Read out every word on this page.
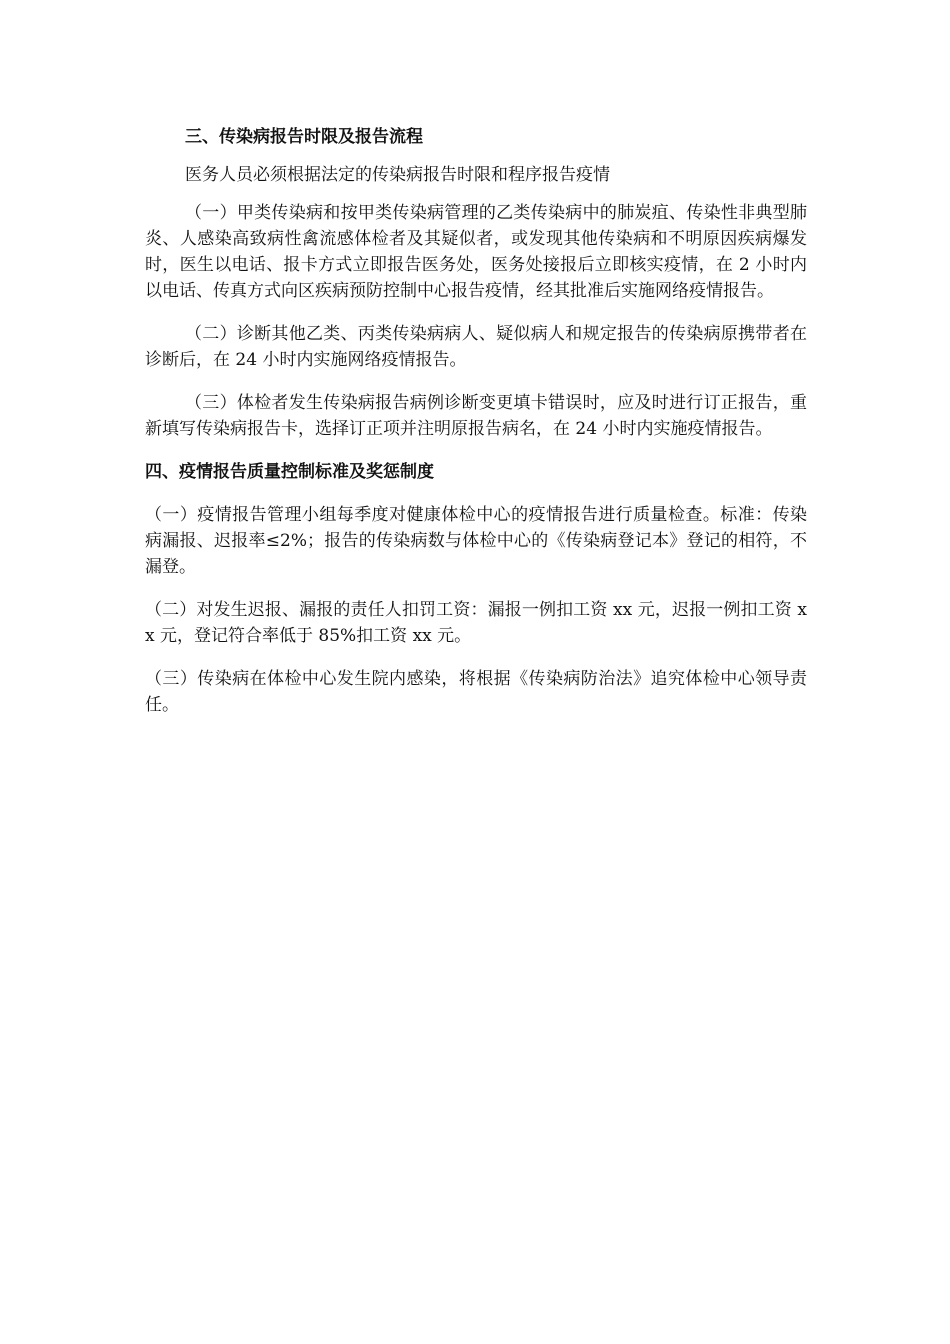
三、传染病报告时限及报告流程

医务人员必须根据法定的传染病报告时限和程序报告疫情

（一）甲类传染病和按甲类传染病管理的乙类传染病中的肺炭疽、传染性非典型肺炎、人感染高致病性禽流感体检者及其疑似者，或发现其他传染病和不明原因疾病爆发时，医生以电话、报卡方式立即报告医务处，医务处接报后立即核实疫情，在 2 小时内以电话、传真方式向区疾病预防控制中心报告疫情，经其批准后实施网络疫情报告。

（二）诊断其他乙类、丙类传染病病人、疑似病人和规定报告的传染病原携带者在诊断后，在 24 小时内实施网络疫情报告。

（三）体检者发生传染病报告病例诊断变更填卡错误时，应及时进行订正报告，重新填写传染病报告卡，选择订正项并注明原报告病名，在 24 小时内实施疫情报告。

四、疫情报告质量控制标准及奖惩制度

（一）疫情报告管理小组每季度对健康体检中心的疫情报告进行质量检查。标准：传染病漏报、迟报率≤2%；报告的传染病数与体检中心的《传染病登记本》登记的相符，不漏登。

（二）对发生迟报、漏报的责任人扣罚工资：漏报一例扣工资 xx 元，迟报一例扣工资 xx 元，登记符合率低于 85%扣工资 xx 元。

（三）传染病在体检中心发生院内感染，将根据《传染病防治法》追究体检中心领导责任。
